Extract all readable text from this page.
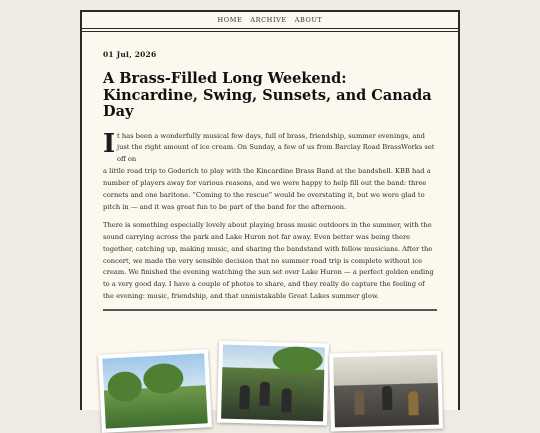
HOME ARCHIVE ABOUT
01 Jul, 2026
A Brass-Filled Long Weekend: Kincardine, Swing, Sunsets, and Canada Day
I t has been a wonderfully musical few days, full of brass, friendship, summer evenings, and just the right amount of ice cream. On Sunday, a few of us from Barclay Road BrassWorks set off on

a little road trip to Goderich to play with the Kincardine Brass Band at the bandshell. KBB had a number of players away for various reasons, and we were happy to help fill out the band: three cornets and one baritone. “Coming to the rescue” would be overstating it, but we were glad to pitch in — and it was great fun to be part of the band for the afternoon.

There is something especially lovely about playing brass music outdoors in the summer, with the sound carrying across the park and Lake Huron not far away. Even better was being there together, catching up, making music, and sharing the bandstand with fellow musicians. After the concert, we made the very sensible decision that no summer road trip is complete without ice cream. We finished the evening watching the sun set over Lake Huron — a perfect golden ending to a very good day. I have a couple of photos to share, and they really do capture the feeling of the evening: music, friendship, and that unmistakable Great Lakes summer glow.
